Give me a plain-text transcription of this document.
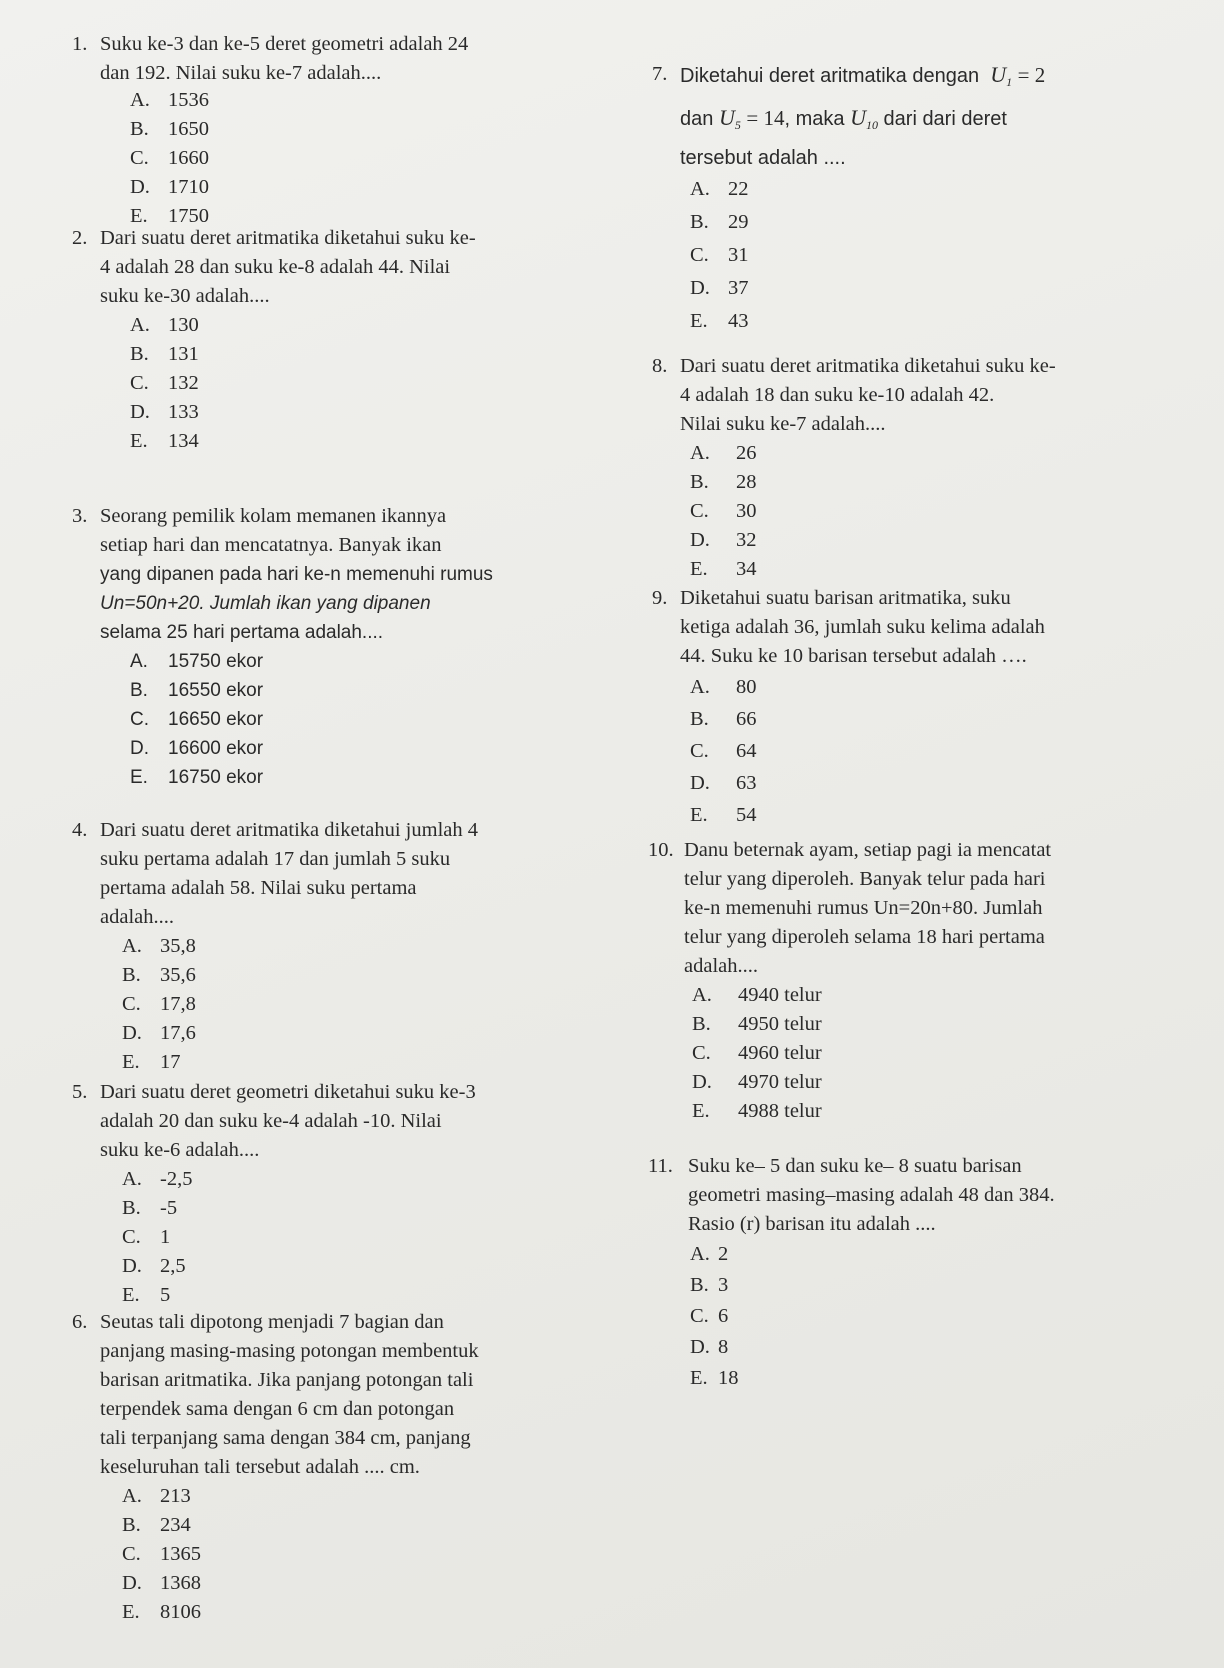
1. Suku ke-3 dan ke-5 deret geometri adalah 24
dan 192. Nilai suku ke-7 adalah....
A. 1536
B. 1650
C. 1660
D. 1710
E. 1750
2. Dari suatu deret aritmatika diketahui suku ke-
4 adalah 28 dan suku ke-8 adalah 44. Nilai
suku ke-30 adalah....
A. 130
B. 131
C. 132
D. 133
E. 134
3. Seorang pemilik kolam memanen ikannya
setiap hari dan mencatatnya. Banyak ikan
yang dipanen pada hari ke-n memenuhi rumus
Un=50n+20. Jumlah ikan yang dipanen
selama 25 hari pertama adalah....
A. 15750 ekor
B. 16550 ekor
C. 16650 ekor
D. 16600 ekor
E. 16750 ekor
4. Dari suatu deret aritmatika diketahui jumlah 4
suku pertama adalah 17 dan jumlah 5 suku
pertama adalah 58. Nilai suku pertama
adalah....
A. 35,8
B. 35,6
C. 17,8
D. 17,6
E. 17
5. Dari suatu deret geometri diketahui suku ke-3
adalah 20 dan suku ke-4 adalah -10. Nilai
suku ke-6 adalah....
A. -2,5
B. -5
C. 1
D. 2,5
E. 5
6. Seutas tali dipotong menjadi 7 bagian dan
panjang masing-masing potongan membentuk
barisan aritmatika. Jika panjang potongan tali
terpendek sama dengan 6 cm dan potongan
tali terpanjang sama dengan 384 cm, panjang
keseluruhan tali tersebut adalah .... cm.
A. 213
B. 234
C. 1365
D. 1368
E. 8106
7. Diketahui deret aritmatika dengan $U_1 = 2$
dan $U_5 = 14$, maka $U_{10}$ dari dari deret
tersebut adalah ....
A. 22
B. 29
C. 31
D. 37
E. 43
8. Dari suatu deret aritmatika diketahui suku ke-
4 adalah 18 dan suku ke-10 adalah 42.
Nilai suku ke-7 adalah....
A. 26
B. 28
C. 30
D. 32
E. 34
9. Diketahui suatu barisan aritmatika, suku
ketiga adalah 36, jumlah suku kelima adalah
44. Suku ke 10 barisan tersebut adalah ….
A. 80
B. 66
C. 64
D. 63
E. 54
10. Danu beternak ayam, setiap pagi ia mencatat
telur yang diperoleh. Banyak telur pada hari
ke-n memenuhi rumus Un=20n+80. Jumlah
telur yang diperoleh selama 18 hari pertama
adalah....
A. 4940 telur
B. 4950 telur
C. 4960 telur
D. 4970 telur
E. 4988 telur
11. Suku ke– 5 dan suku ke– 8 suatu barisan
geometri masing–masing adalah 48 dan 384.
Rasio (r) barisan itu adalah ....
A. 2
B. 3
C. 6
D. 8
E. 18
